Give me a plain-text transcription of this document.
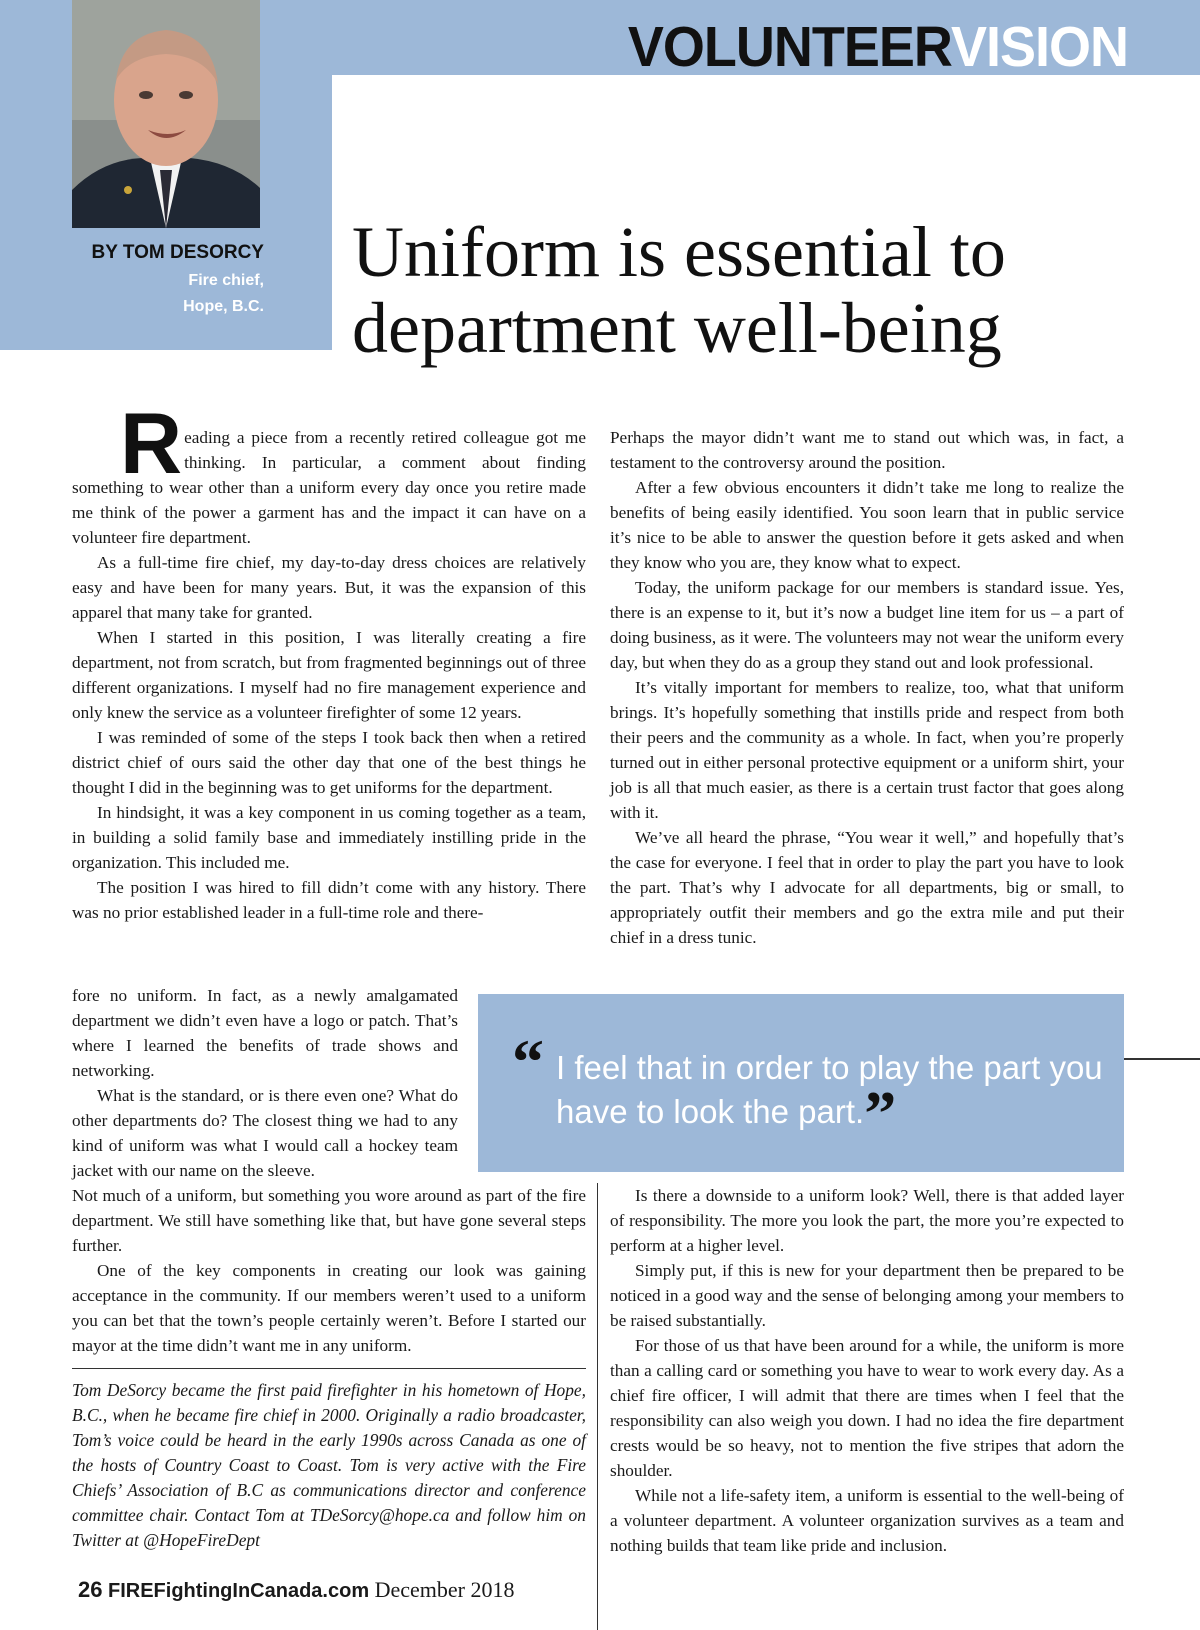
VOLUNTEERVISION
BY TOM DESORCY
Fire chief,
Hope, B.C.
Uniform is essential to
department well-being

Reading a piece from a recently retired colleague got me thinking. In particular, a comment about finding something to wear other than a uniform every day once you retire made me think of the power a garment has and the impact it can have on a volunteer fire department.

As a full-time fire chief, my day-to-day dress choices are relatively easy and have been for many years. But, it was the expansion of this apparel that many take for granted.

When I started in this position, I was literally creating a fire department, not from scratch, but from fragmented beginnings out of three different organizations. I myself had no fire management experience and only knew the service as a volunteer firefighter of some 12 years.

I was reminded of some of the steps I took back then when a retired district chief of ours said the other day that one of the best things he thought I did in the beginning was to get uniforms for the department.

In hindsight, it was a key component in us coming together as a team, in building a solid family base and immediately instilling pride in the organization. This included me.

The position I was hired to fill didn’t come with any history. There was no prior established leader in a full-time role and there-

fore no uniform. In fact, as a newly amalgamated department we didn’t even have a logo or patch. That’s where I learned the benefits of trade shows and networking.

What is the standard, or is there even one? What do other departments do? The closest thing we had to any kind of uniform was what I would call a hockey team jacket with our name on the sleeve.

Not much of a uniform, but something you wore around as part of the fire department. We still have something like that, but have gone several steps further.

One of the key components in creating our look was gaining acceptance in the community. If our members weren’t used to a uniform you can bet that the town’s people certainly weren’t. Before I started our mayor at the time didn’t want me in any uniform.

Tom DeSorcy became the first paid firefighter in his hometown of Hope, B.C., when he became fire chief in 2000. Originally a radio broadcaster, Tom’s voice could be heard in the early 1990s across Canada as one of the hosts of Country Coast to Coast. Tom is very active with the Fire Chiefs’ Association of B.C as communications director and conference committee chair. Contact Tom at TDeSorcy@hope.ca and follow him on Twitter at @HopeFireDept

Perhaps the mayor didn’t want me to stand out which was, in fact, a testament to the controversy around the position.

After a few obvious encounters it didn’t take me long to realize the benefits of being easily identified. You soon learn that in public service it’s nice to be able to answer the question before it gets asked and when they know who you are, they know what to expect.

Today, the uniform package for our members is standard issue. Yes, there is an expense to it, but it’s now a budget line item for us – a part of doing business, as it were. The volunteers may not wear the uniform every day, but when they do as a group they stand out and look professional.

It’s vitally important for members to realize, too, what that uniform brings. It’s hopefully something that instills pride and respect from both their peers and the community as a whole. In fact, when you’re properly turned out in either personal protective equipment or a uniform shirt, your job is all that much easier, as there is a certain trust factor that goes along with it.

We’ve all heard the phrase, “You wear it well,” and hopefully that’s the case for everyone. I feel that in order to play the part you have to look the part. That’s why I advocate for all departments, big or small, to appropriately outfit their members and go the extra mile and put their chief in a dress tunic.

“ I feel that in order to play the part you have to look the part.”

Is there a downside to a uniform look? Well, there is that added layer of responsibility. The more you look the part, the more you’re expected to perform at a higher level.

Simply put, if this is new for your department then be prepared to be noticed in a good way and the sense of belonging among your members to be raised substantially.

For those of us that have been around for a while, the uniform is more than a calling card or something you have to wear to work every day. As a chief fire officer, I will admit that there are times when I feel that the responsibility can also weigh you down. I had no idea the fire department crests would be so heavy, not to mention the five stripes that adorn the shoulder.

While not a life-safety item, a uniform is essential to the well-being of a volunteer department. A volunteer organization survives as a team and nothing builds that team like pride and inclusion.

26 FIREFightingInCanada.com December 2018
